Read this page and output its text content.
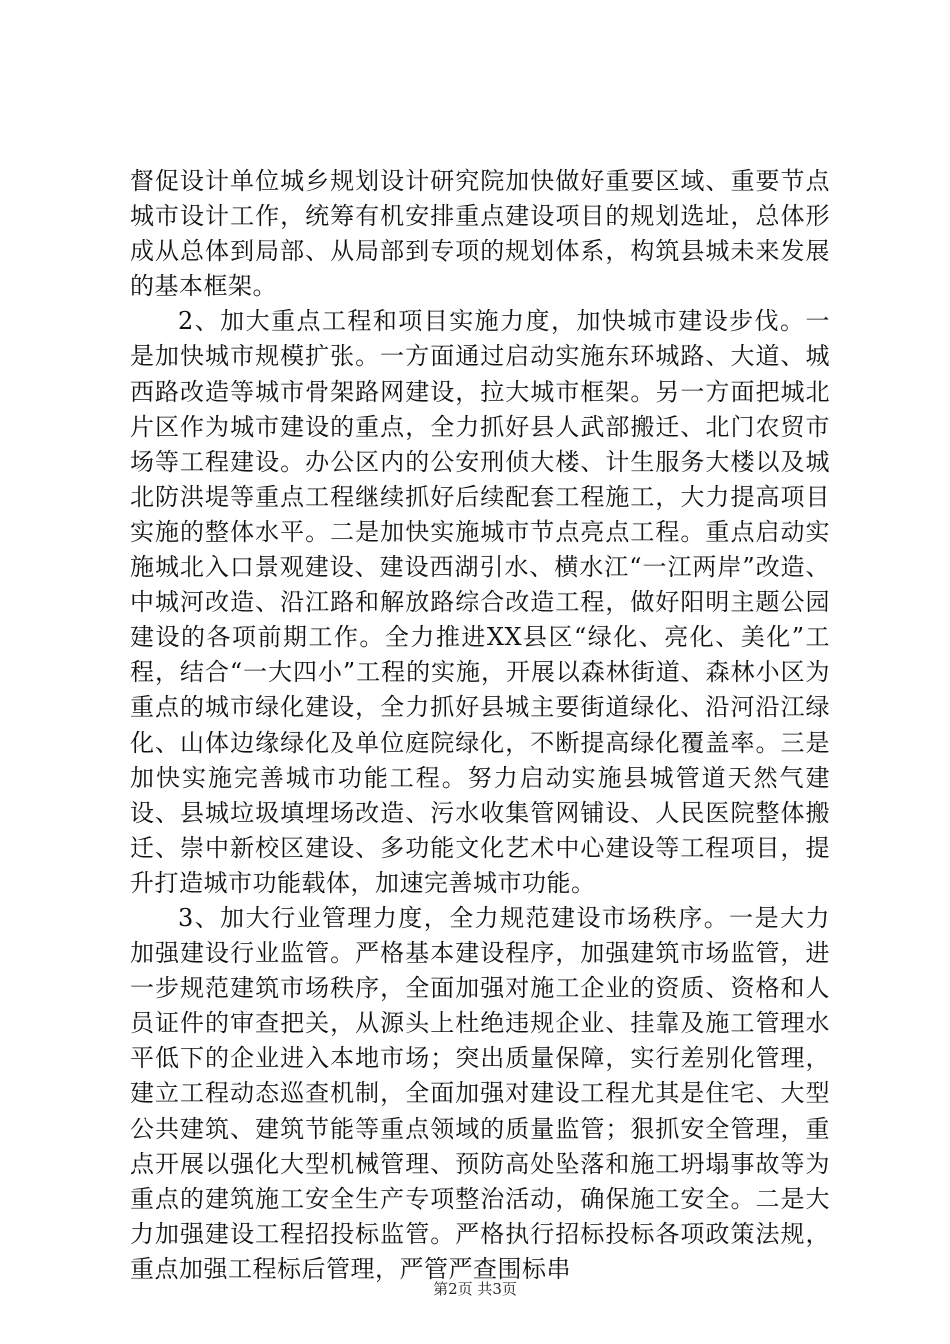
督促设计单位城乡规划设计研究院加快做好重要区域、重要节点城市设计工作，统筹有机安排重点建设项目的规划选址，总体形成从总体到局部、从局部到专项的规划体系，构筑县城未来发展的基本框架。

2、加大重点工程和项目实施力度，加快城市建设步伐。一是加快城市规模扩张。一方面通过启动实施东环城路、大道、城西路改造等城市骨架路网建设，拉大城市框架。另一方面把城北片区作为城市建设的重点，全力抓好县人武部搬迁、北门农贸市场等工程建设。办公区内的公安刑侦大楼、计生服务大楼以及城北防洪堤等重点工程继续抓好后续配套工程施工，大力提高项目实施的整体水平。二是加快实施城市节点亮点工程。重点启动实施城北入口景观建设、建设西湖引水、横水江“一江两岸”改造、中城河改造、沿江路和解放路综合改造工程，做好阳明主题公园建设的各项前期工作。全力推进XX县区“绿化、亮化、美化”工程，结合“一大四小”工程的实施，开展以森林街道、森林小区为重点的城市绿化建设，全力抓好县城主要街道绿化、沿河沿江绿化、山体边缘绿化及单位庭院绿化，不断提高绿化覆盖率。三是加快实施完善城市功能工程。努力启动实施县城管道天然气建设、县城垃圾填埋场改造、污水收集管网铺设、人民医院整体搬迁、崇中新校区建设、多功能文化艺术中心建设等工程项目，提升打造城市功能载体，加速完善城市功能。

3、加大行业管理力度，全力规范建设市场秩序。一是大力加强建设行业监管。严格基本建设程序，加强建筑市场监管，进一步规范建筑市场秩序，全面加强对施工企业的资质、资格和人员证件的审查把关，从源头上杜绝违规企业、挂靠及施工管理水平低下的企业进入本地市场；突出质量保障，实行差别化管理，建立工程动态巡查机制，全面加强对建设工程尤其是住宅、大型公共建筑、建筑节能等重点领域的质量监管；狠抓安全管理，重点开展以强化大型机械管理、预防高处坠落和施工坍塌事故等为重点的建筑施工安全生产专项整治活动，确保施工安全。二是大力加强建设工程招投标监管。严格执行招标投标各项政策法规，重点加强工程标后管理，严管严查围标串

第2页 共3页
